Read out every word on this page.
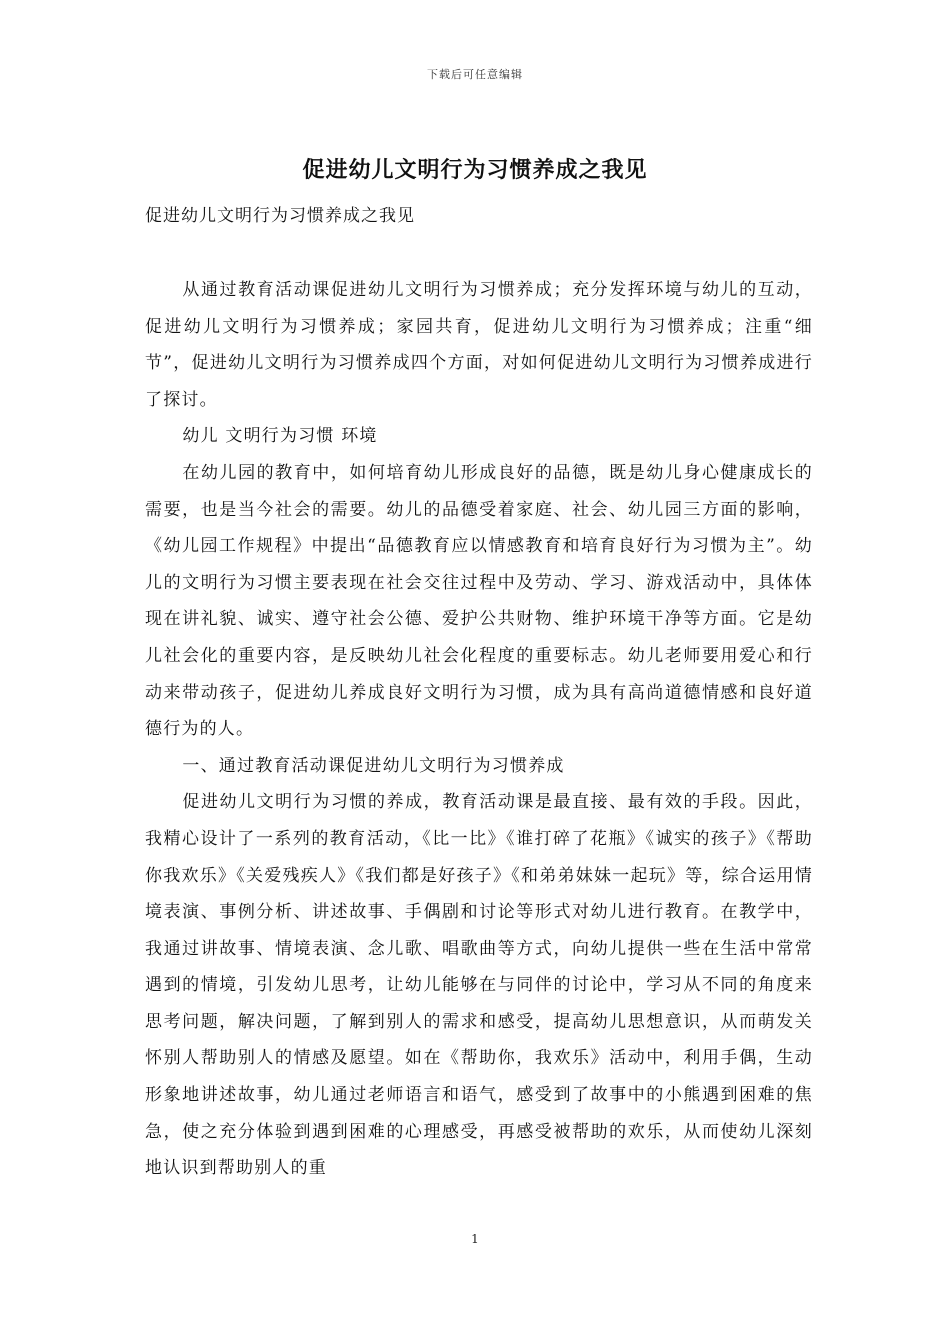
下载后可任意编辑
促进幼儿文明行为习惯养成之我见
促进幼儿文明行为习惯养成之我见

从通过教育活动课促进幼儿文明行为习惯养成；充分发挥环境与幼儿的互动，促进幼儿文明行为习惯养成；家园共育，促进幼儿文明行为习惯养成；注重“细节”，促进幼儿文明行为习惯养成四个方面，对如何促进幼儿文明行为习惯养成进行了探讨。

幼儿 文明行为习惯 环境

在幼儿园的教育中，如何培育幼儿形成良好的品德，既是幼儿身心健康成长的需要，也是当今社会的需要。幼儿的品德受着家庭、社会、幼儿园三方面的影响，《幼儿园工作规程》中提出“品德教育应以情感教育和培育良好行为习惯为主”。幼儿的文明行为习惯主要表现在社会交往过程中及劳动、学习、游戏活动中，具体体现在讲礼貌、诚实、遵守社会公德、爱护公共财物、维护环境干净等方面。它是幼儿社会化的重要内容，是反映幼儿社会化程度的重要标志。幼儿老师要用爱心和行动来带动孩子，促进幼儿养成良好文明行为习惯，成为具有高尚道德情感和良好道德行为的人。

一、通过教育活动课促进幼儿文明行为习惯养成

促进幼儿文明行为习惯的养成，教育活动课是最直接、最有效的手段。因此，我精心设计了一系列的教育活动，《比一比》《谁打碎了花瓶》《诚实的孩子》《帮助你我欢乐》《关爱残疾人》《我们都是好孩子》《和弟弟妹妹一起玩》等，综合运用情境表演、事例分析、讲述故事、手偶剧和讨论等形式对幼儿进行教育。在教学中，我通过讲故事、情境表演、念儿歌、唱歌曲等方式，向幼儿提供一些在生活中常常遇到的情境，引发幼儿思考，让幼儿能够在与同伴的讨论中，学习从不同的角度来思考问题，解决问题，了解到别人的需求和感受，提高幼儿思想意识，从而萌发关怀别人帮助别人的情感及愿望。如在《帮助你，我欢乐》活动中，利用手偶，生动形象地讲述故事，幼儿通过老师语言和语气，感受到了故事中的小熊遇到困难的焦急，使之充分体验到遇到困难的心理感受，再感受被帮助的欢乐，从而使幼儿深刻地认识到帮助别人的重

1
